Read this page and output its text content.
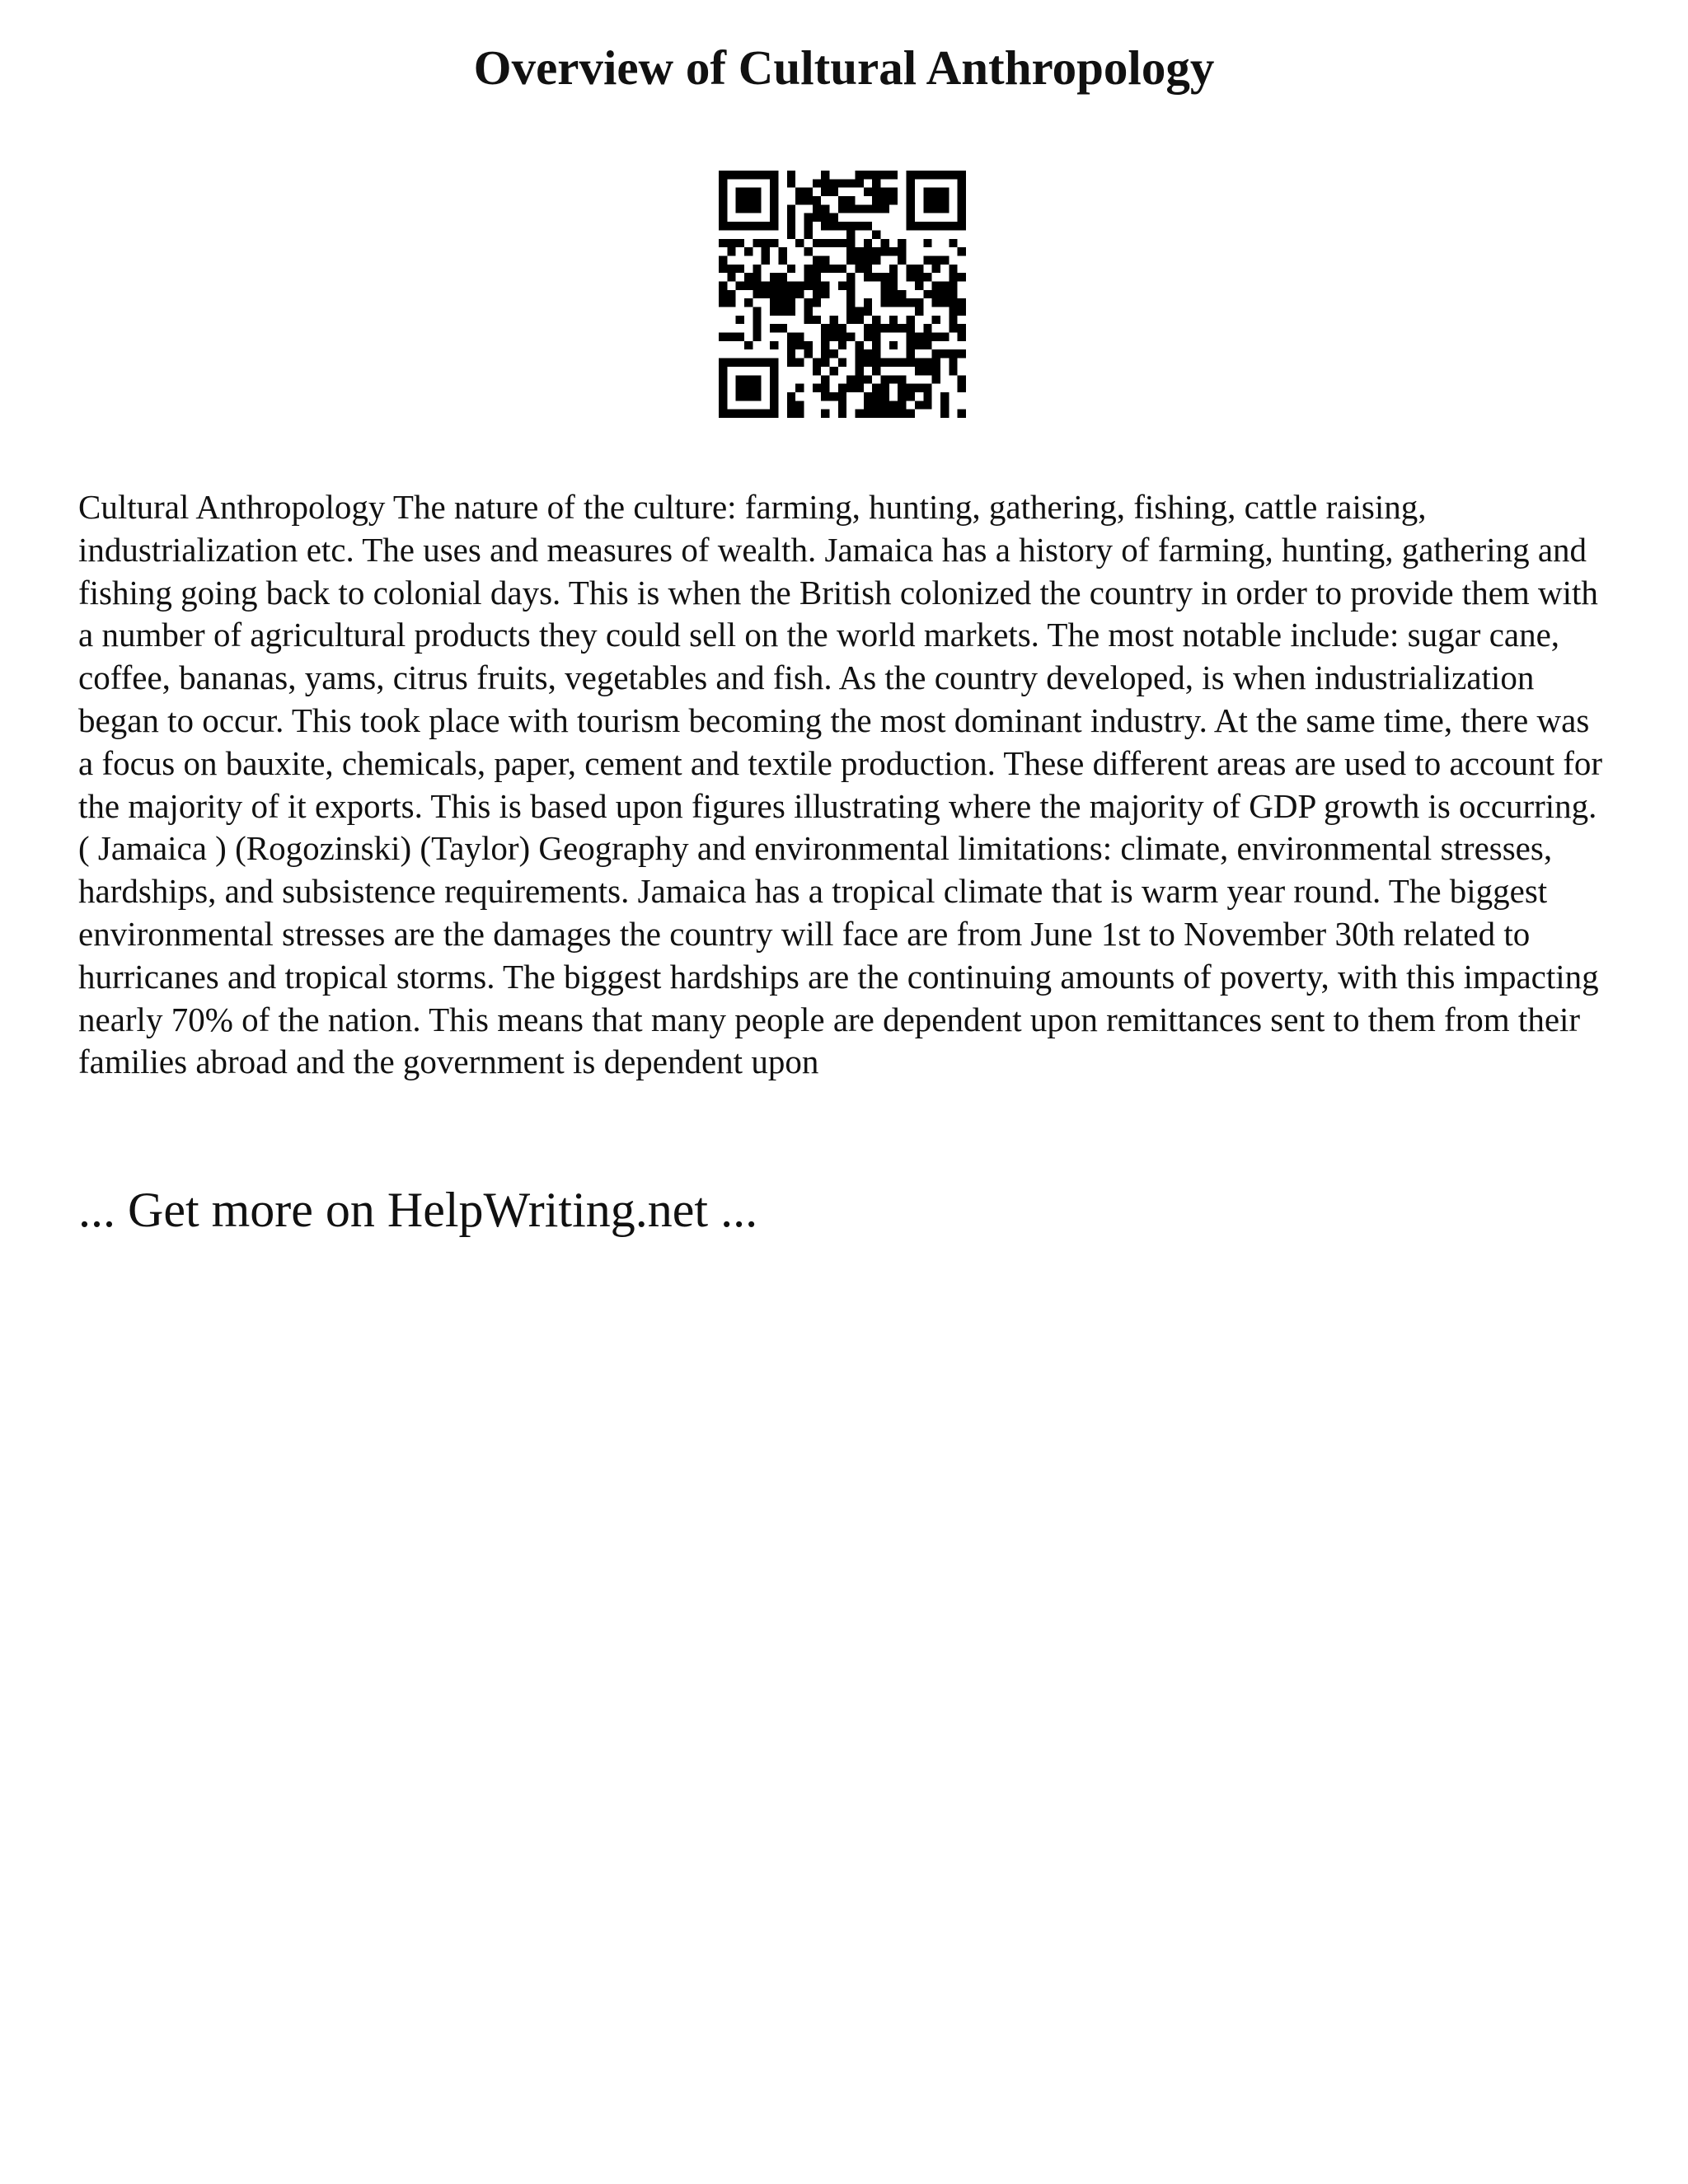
Overview of Cultural Anthropology

Cultural Anthropology The nature of the culture: farming, hunting, gathering, fishing, cattle raising, industrialization etc. The uses and measures of wealth. Jamaica has a history of farming, hunting, gathering and fishing going back to colonial days. This is when the British colonized the country in order to provide them with a number of agricultural products they could sell on the world markets. The most notable include: sugar cane, coffee, bananas, yams, citrus fruits, vegetables and fish. As the country developed, is when industrialization began to occur. This took place with tourism becoming the most dominant industry. At the same time, there was a focus on bauxite, chemicals, paper, cement and textile production. These different areas are used to account for the majority of it exports. This is based upon figures illustrating where the majority of GDP growth is occurring. ( Jamaica ) (Rogozinski) (Taylor) Geography and environmental limitations: climate, environmental stresses, hardships, and subsistence requirements. Jamaica has a tropical climate that is warm year round. The biggest environmental stresses are the damages the country will face are from June 1st to November 30th related to hurricanes and tropical storms. The biggest hardships are the continuing amounts of poverty, with this impacting nearly 70% of the nation. This means that many people are dependent upon remittances sent to them from their families abroad and the government is dependent upon

... Get more on HelpWriting.net ...
